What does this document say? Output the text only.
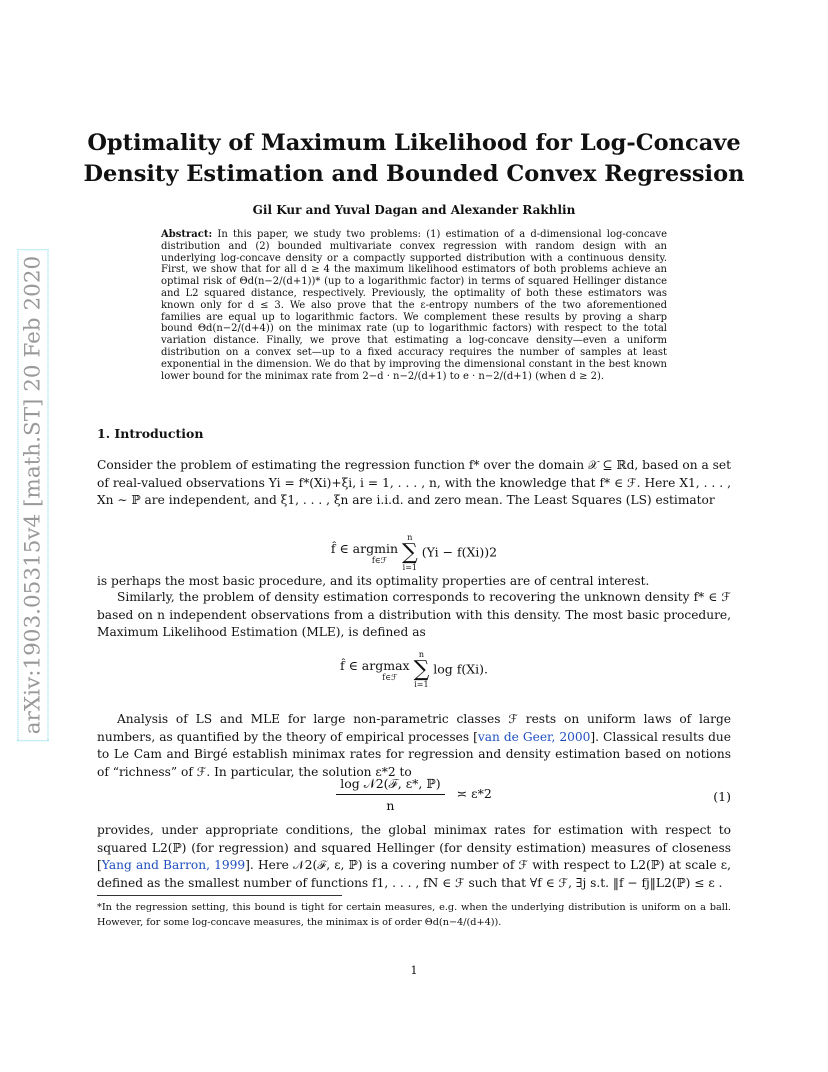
arXiv:1903.05315v4 [math.ST] 20 Feb 2020
Optimality of Maximum Likelihood for Log-Concave
Density Estimation and Bounded Convex Regression
Gil Kur and Yuval Dagan and Alexander Rakhlin
Abstract: In this paper, we study two problems: (1) estimation of a d-dimensional log-concave distribution and (2) bounded multivariate convex regression with random design with an underlying log-concave density or a compactly supported distribution with a continuous density. First, we show that for all d ≥ 4 the maximum likelihood estimators of both problems achieve an optimal risk of Θd(n−2/(d+1))* (up to a logarithmic factor) in terms of squared Hellinger distance and L2 squared distance, respectively. Previously, the optimality of both these estimators was known only for d ≤ 3. We also prove that the ε-entropy numbers of the two aforementioned families are equal up to logarithmic factors. We complement these results by proving a sharp bound Θd(n−2/(d+4)) on the minimax rate (up to logarithmic factors) with respect to the total variation distance. Finally, we prove that estimating a log-concave density—even a uniform distribution on a convex set—up to a fixed accuracy requires the number of samples at least exponential in the dimension. We do that by improving the dimensional constant in the best known lower bound for the minimax rate from 2−d · n−2/(d+1) to e · n−2/(d+1) (when d ≥ 2).
1. Introduction
Consider the problem of estimating the regression function f* over the domain 𝒳 ⊆ ℝd, based on a set of real-valued observations Yi = f*(Xi)+ξi, i = 1, . . . , n, with the knowledge that f* ∈ ℱ. Here X1, . . . , Xn ∼ ℙ are independent, and ξ1, . . . , ξn are i.i.d. and zero mean. The Least Squares (LS) estimator
f̂ ∈ argmin
f∈ℱ

n
∑
i=1
(Yi − f(Xi))2
is perhaps the most basic procedure, and its optimality properties are of central interest.
Similarly, the problem of density estimation corresponds to recovering the unknown density f* ∈ ℱ based on n independent observations from a distribution with this density. The most basic procedure, Maximum Likelihood Estimation (MLE), is defined as
f̂ ∈ argmax
f∈ℱ

n
∑
i=1
log f(Xi).
Analysis of LS and MLE for large non-parametric classes ℱ rests on uniform laws of large numbers, as quantified by the theory of empirical processes [van de Geer, 2000]. Classical results due to Le Cam and Birgé establish minimax rates for regression and density estimation based on notions of “richness” of ℱ. In particular, the solution ε*2 to
$\frac{\text{log 𝒩2(ℱ, ε*, ℙ)}}{n}$ ≍ ε*2	(1)
provides, under appropriate conditions, the global minimax rates for estimation with respect to squared L2(ℙ) (for regression) and squared Hellinger (for density estimation) measures of closeness [Yang and Barron, 1999]. Here 𝒩2(ℱ, ε, ℙ) is a covering number of ℱ with respect to L2(ℙ) at scale ε, defined as the smallest number of functions f1, . . . , fN ∈ ℱ such that ∀f ∈ ℱ, ∃j s.t. ‖f − fj‖L2(ℙ) ≤ ε .
*In the regression setting, this bound is tight for certain measures, e.g. when the underlying distribution is uniform on a ball. However, for some log-concave measures, the minimax is of order Θd(n−4/(d+4)).
1
